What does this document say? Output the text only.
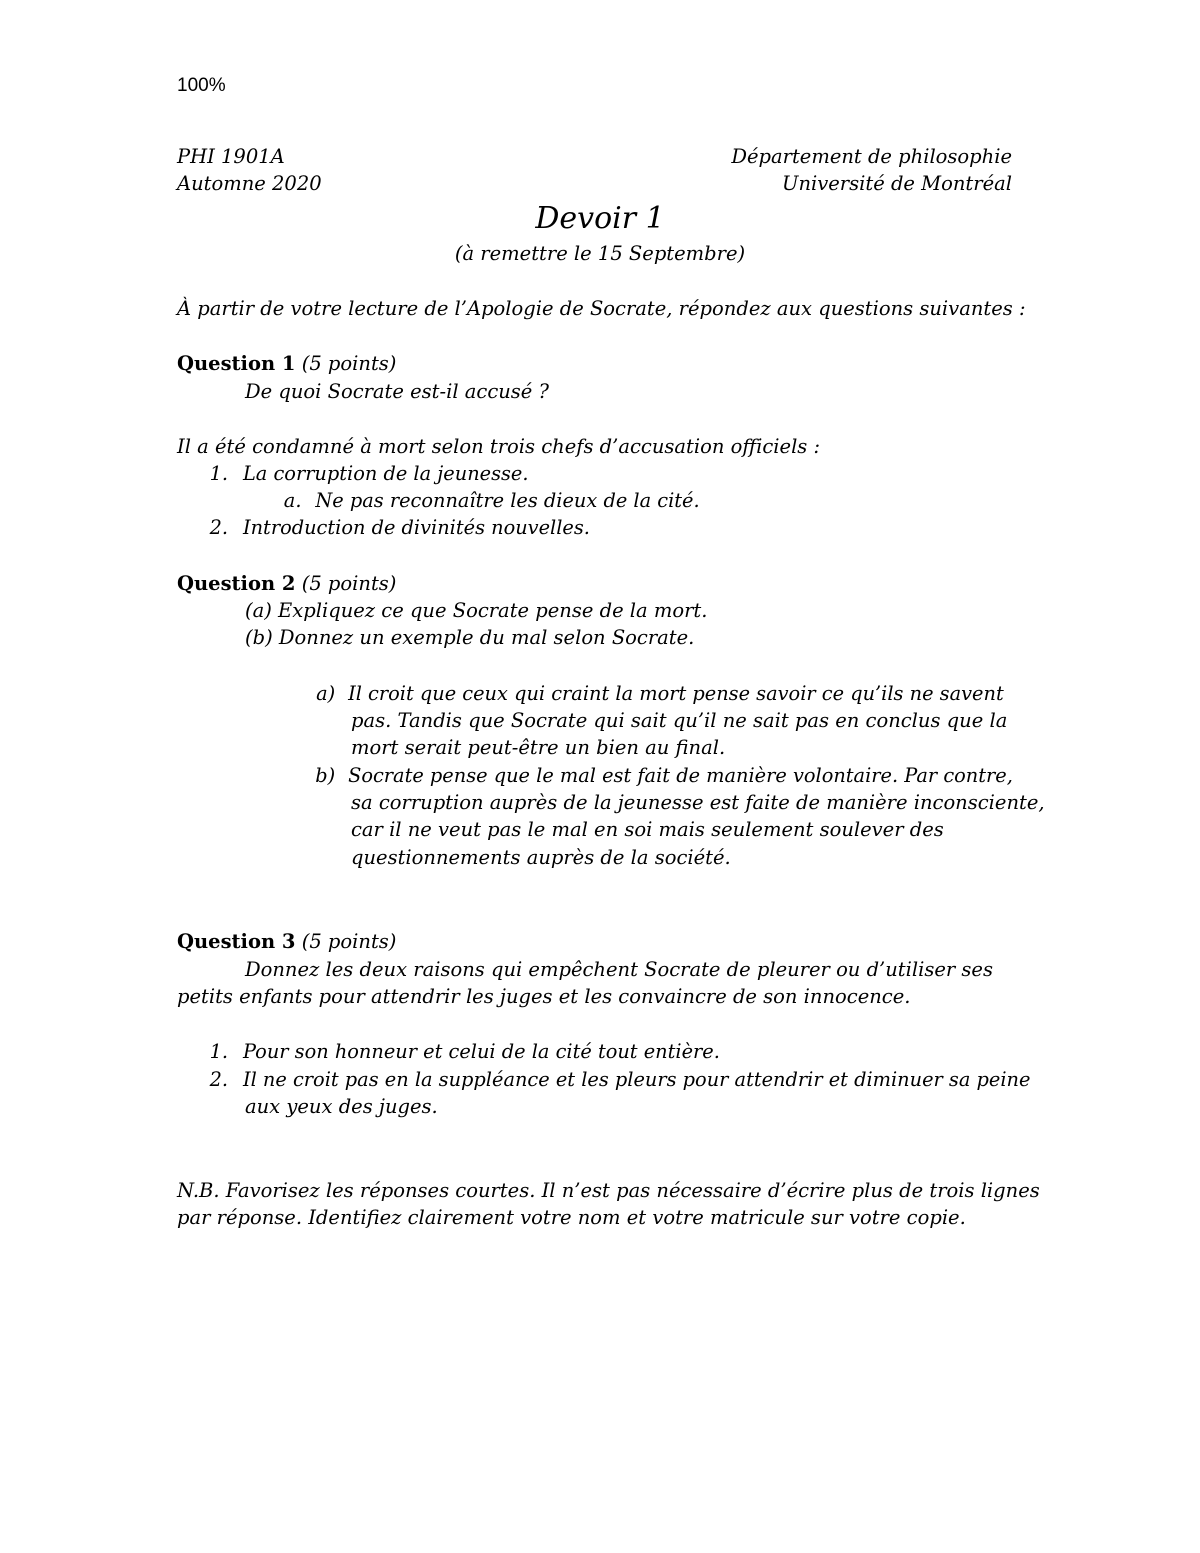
100%
PHI 1901A
Automne 2020
Département de philosophie
Université de Montréal
Devoir 1
(à remettre le 15 Septembre)
À partir de votre lecture de l’Apologie de Socrate, répondez aux questions suivantes :
Question 1 (5 points)
De quoi Socrate est-il accusé ?
Il a été condamné à mort selon trois chefs d’accusation officiels :
1. La corruption de la jeunesse.
a. Ne pas reconnaître les dieux de la cité.
2. Introduction de divinités nouvelles.
Question 2 (5 points)
(a) Expliquez ce que Socrate pense de la mort.
(b) Donnez un exemple du mal selon Socrate.
a) Il croit que ceux qui craint la mort pense savoir ce qu’ils ne savent
pas. Tandis que Socrate qui sait qu’il ne sait pas en conclus que la
mort serait peut-être un bien au final.
b) Socrate pense que le mal est fait de manière volontaire. Par contre,
sa corruption auprès de la jeunesse est faite de manière inconsciente,
car il ne veut pas le mal en soi mais seulement soulever des
questionnements auprès de la société.
Question 3 (5 points)
Donnez les deux raisons qui empêchent Socrate de pleurer ou d’utiliser ses
petits enfants pour attendrir les juges et les convaincre de son innocence.
1. Pour son honneur et celui de la cité tout entière.
2. Il ne croit pas en la suppléance et les pleurs pour attendrir et diminuer sa peine
aux yeux des juges.
N.B. Favorisez les réponses courtes. Il n’est pas nécessaire d’écrire plus de trois lignes
par réponse. Identifiez clairement votre nom et votre matricule sur votre copie.
